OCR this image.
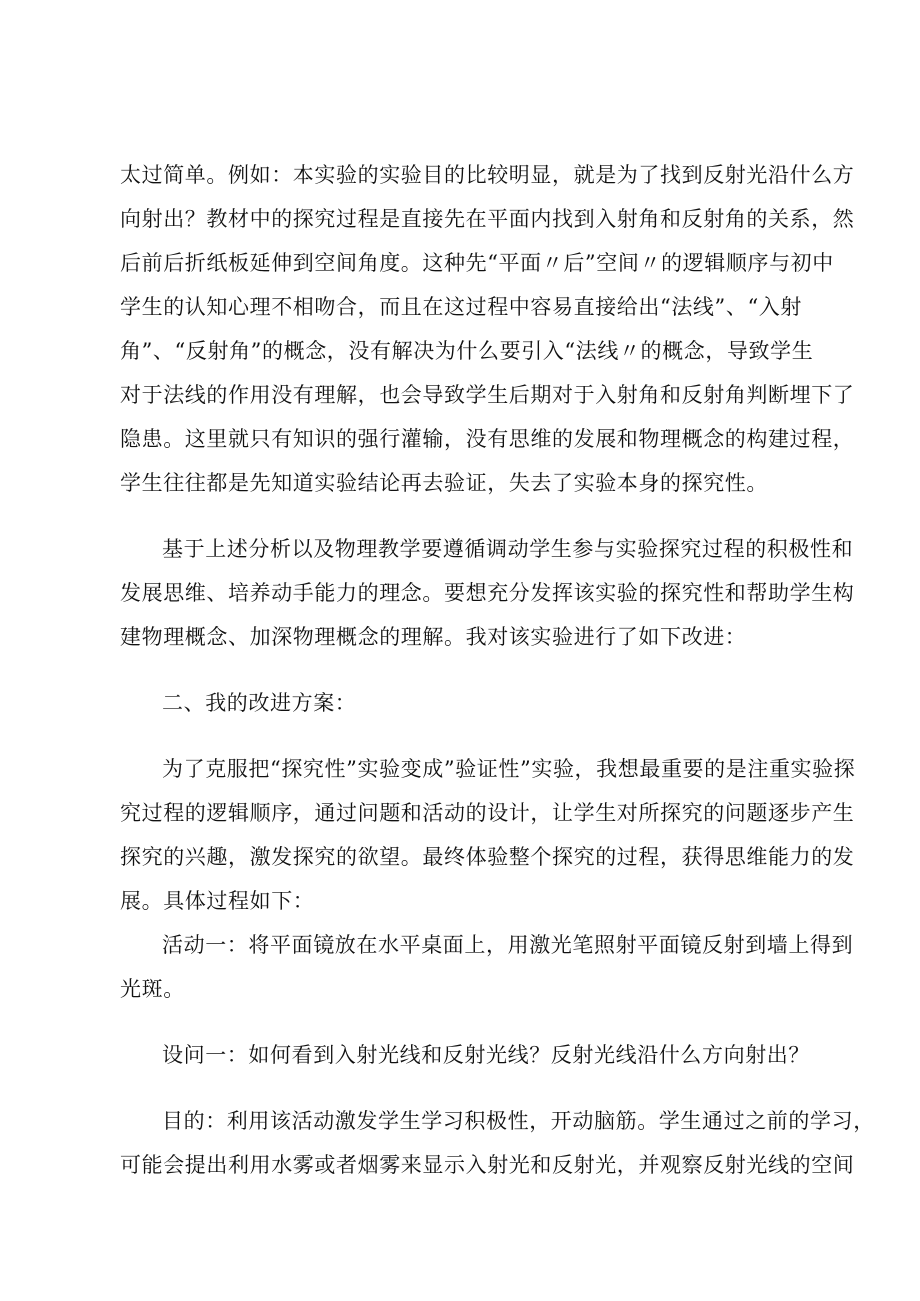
太过简单。例如：本实验的实验目的比较明显，就是为了找到反射光沿什么方
向射出？教材中的探究过程是直接先在平面内找到入射角和反射角的关系，然
后前后折纸板延伸到空间角度。这种先“平面〃后”空间〃的逻辑顺序与初中
学生的认知心理不相吻合，而且在这过程中容易直接给出“法线”、“入射
角”、“反射角”的概念，没有解决为什么要引入“法线〃的概念，导致学生
对于法线的作用没有理解，也会导致学生后期对于入射角和反射角判断埋下了
隐患。这里就只有知识的强行灌输，没有思维的发展和物理概念的构建过程，
学生往往都是先知道实验结论再去验证，失去了实验本身的探究性。
基于上述分析以及物理教学要遵循调动学生参与实验探究过程的积极性和
发展思维、培养动手能力的理念。要想充分发挥该实验的探究性和帮助学生构
建物理概念、加深物理概念的理解。我对该实验进行了如下改进：
二、我的改进方案：
为了克服把“探究性”实验变成”验证性”实验，我想最重要的是注重实验探
究过程的逻辑顺序，通过问题和活动的设计，让学生对所探究的问题逐步产生
探究的兴趣，激发探究的欲望。最终体验整个探究的过程，获得思维能力的发
展。具体过程如下：
活动一：将平面镜放在水平桌面上，用激光笔照射平面镜反射到墙上得到
光斑。
设问一：如何看到入射光线和反射光线？反射光线沿什么方向射出？
目的：利用该活动激发学生学习积极性，开动脑筋。学生通过之前的学习，
可能会提出利用水雾或者烟雾来显示入射光和反射光，并观察反射光线的空间
